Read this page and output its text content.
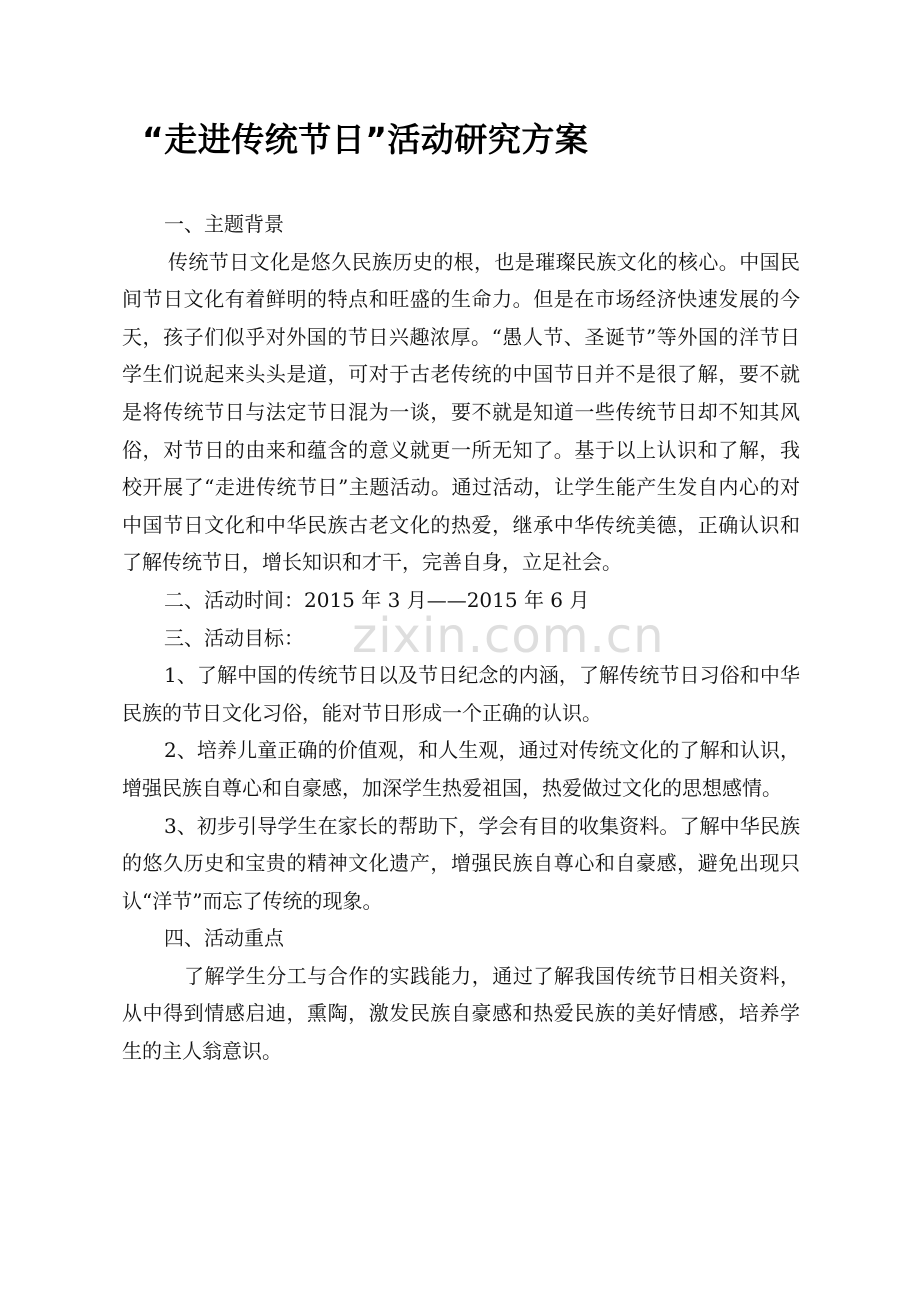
“走进传统节日”活动研究方案

一、主题背景

传统节日文化是悠久民族历史的根，也是璀璨民族文化的核心。中国民间节日文化有着鲜明的特点和旺盛的生命力。但是在市场经济快速发展的今天，孩子们似乎对外国的节日兴趣浓厚。“愚人节、圣诞节”等外国的洋节日学生们说起来头头是道，可对于古老传统的中国节日并不是很了解，要不就是将传统节日与法定节日混为一谈，要不就是知道一些传统节日却不知其风俗，对节日的由来和蕴含的意义就更一所无知了。基于以上认识和了解，我校开展了“走进传统节日”主题活动。通过活动，让学生能产生发自内心的对中国节日文化和中华民族古老文化的热爱，继承中华传统美德，正确认识和了解传统节日，增长知识和才干，完善自身，立足社会。

二、活动时间：2015 年 3 月——2015 年 6 月

三、活动目标：

1、了解中国的传统节日以及节日纪念的内涵，了解传统节日习俗和中华民族的节日文化习俗，能对节日形成一个正确的认识。

2、培养儿童正确的价值观，和人生观，通过对传统文化的了解和认识，增强民族自尊心和自豪感，加深学生热爱祖国，热爱做过文化的思想感情。

3、初步引导学生在家长的帮助下，学会有目的收集资料。了解中华民族的悠久历史和宝贵的精神文化遗产，增强民族自尊心和自豪感，避免出现只认“洋节”而忘了传统的现象。

四、活动重点

了解学生分工与合作的实践能力，通过了解我国传统节日相关资料，从中得到情感启迪，熏陶，激发民族自豪感和热爱民族的美好情感，培养学生的主人翁意识。

zixin.com.cn
